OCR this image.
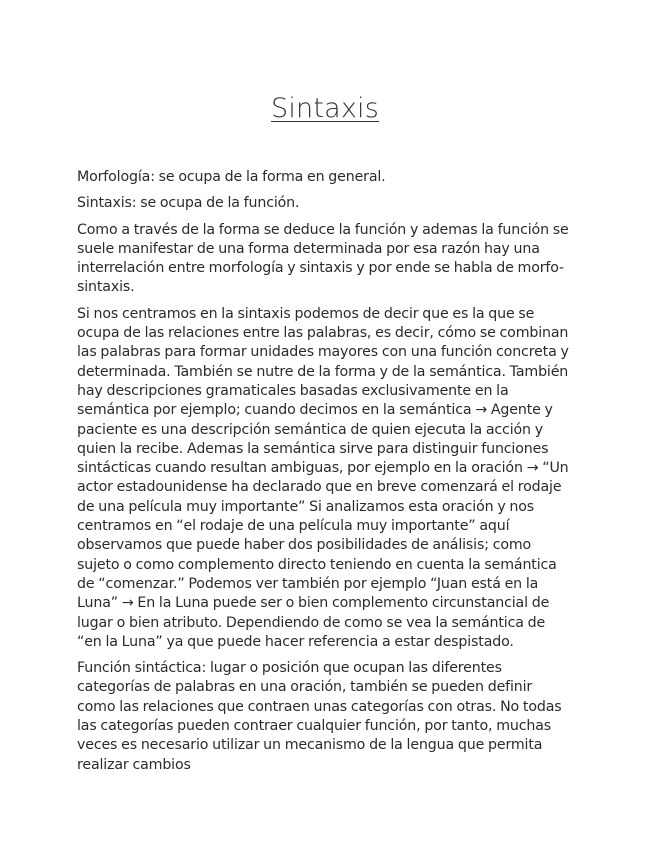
Sintaxis

Morfología: se ocupa de la forma en general.

Sintaxis: se ocupa de la función.

Como a través de la forma se deduce la función y ademas la función se suele manifestar de una forma determinada por esa razón hay una interrelación entre morfología y sintaxis y por ende se habla de morfo-sintaxis.

Si nos centramos en la sintaxis podemos de decir que es la que se ocupa de las relaciones entre las palabras, es decir, cómo se combinan las palabras para formar unidades mayores con una función concreta y determinada. También se nutre de la forma y de la semántica. También hay descripciones gramaticales basadas exclusivamente en la semántica por ejemplo; cuando decimos en la semántica → Agente y paciente es una descripción semántica de quien ejecuta la acción y quien la recibe. Ademas la semántica sirve para distinguir funciones sintácticas cuando resultan ambiguas, por ejemplo en la oración → “Un actor estadounidense ha declarado que en breve comenzará el rodaje de una película muy importante” Si analizamos esta oración y nos centramos en “el rodaje de una película muy importante” aquí observamos que puede haber dos posibilidades de análisis; como sujeto o como complemento directo teniendo en cuenta la semántica de “comenzar.” Podemos ver también por ejemplo “Juan está en la Luna” → En la Luna puede ser o bien complemento circunstancial de lugar o bien atributo. Dependiendo de como se vea la semántica de “en la Luna” ya que puede hacer referencia a estar despistado.

Función sintáctica: lugar o posición que ocupan las diferentes categorías de palabras en una oración, también se pueden definir como las relaciones que contraen unas categorías con otras. No todas las categorías pueden contraer cualquier función, por tanto, muchas veces es necesario utilizar un mecanismo de la lengua que permita realizar cambios
